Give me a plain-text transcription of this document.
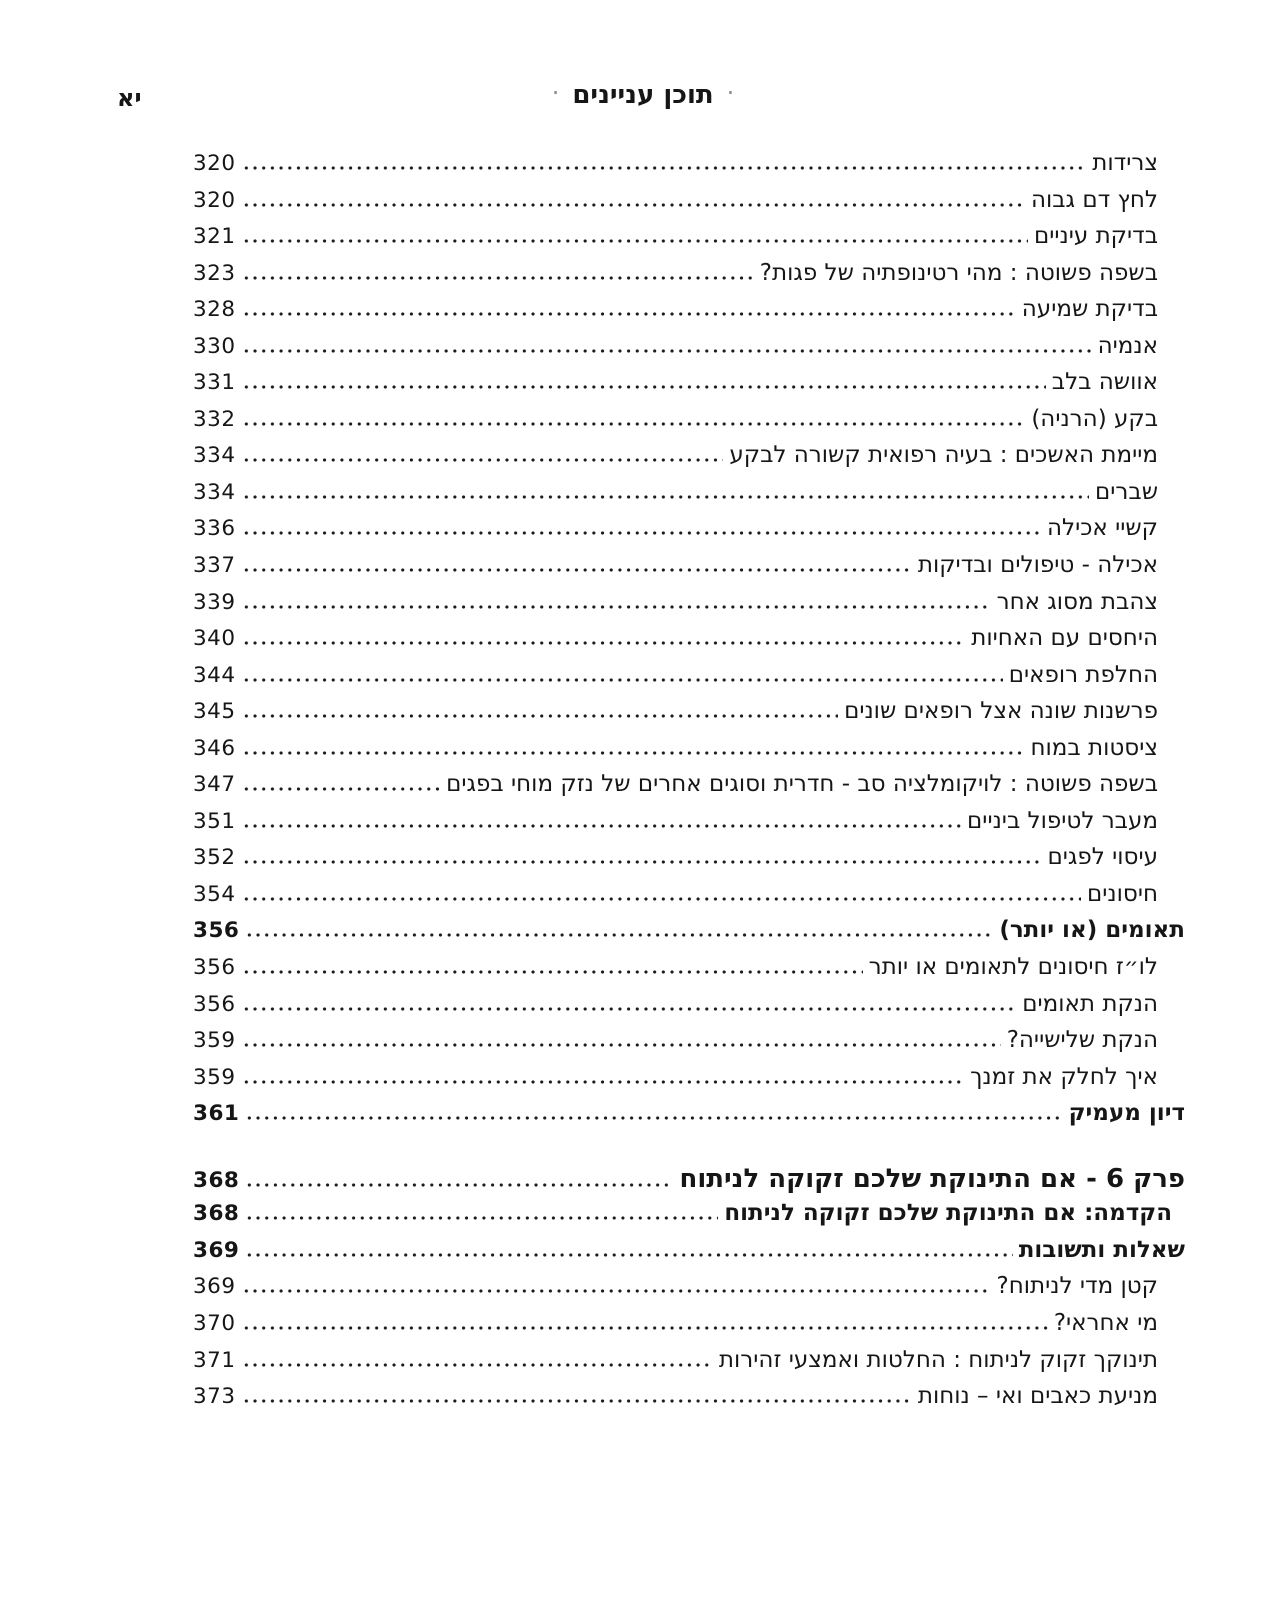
יא	·תוכן עניינים·
צרידות
320
לחץ דם גבוה
320
בדיקת עיניים
321
בשפה פשוטה : מהי רטינופתיה של פגות?
323
בדיקת שמיעה
328
אנמיה
330
אוושה בלב
331
בקע (הרניה)
332
מיימת האשכים : בעיה רפואית קשורה לבקע
334
שברים
334
קשיי אכילה
336
אכילה - טיפולים ובדיקות
337
צהבת מסוג אחר
339
היחסים עם האחיות
340
החלפת רופאים
344
פרשנות שונה אצל רופאים שונים
345
ציסטות במוח
346
בשפה פשוטה : לויקומלציה סב - חדרית וסוגים אחרים של נזק מוחי בפגים
347
מעבר לטיפול ביניים
351
עיסוי לפגים
352
חיסונים
354
תאומים (או יותר)
356
לו״ז חיסונים לתאומים או יותר
356
הנקת תאומים
356
הנקת שלישייה?
359
איך לחלק את זמנך
359
דיון מעמיק
361
פרק 6 - אם התינוקת שלכם זקוקה לניתוח
368
הקדמה: אם התינוקת שלכם זקוקה לניתוח
368
שאלות ותשובות
369
קטן מדי לניתוח?
369
מי אחראי?
370
תינוקך זקוק לניתוח : החלטות ואמצעי זהירות
371
מניעת כאבים ואי – נוחות
373
